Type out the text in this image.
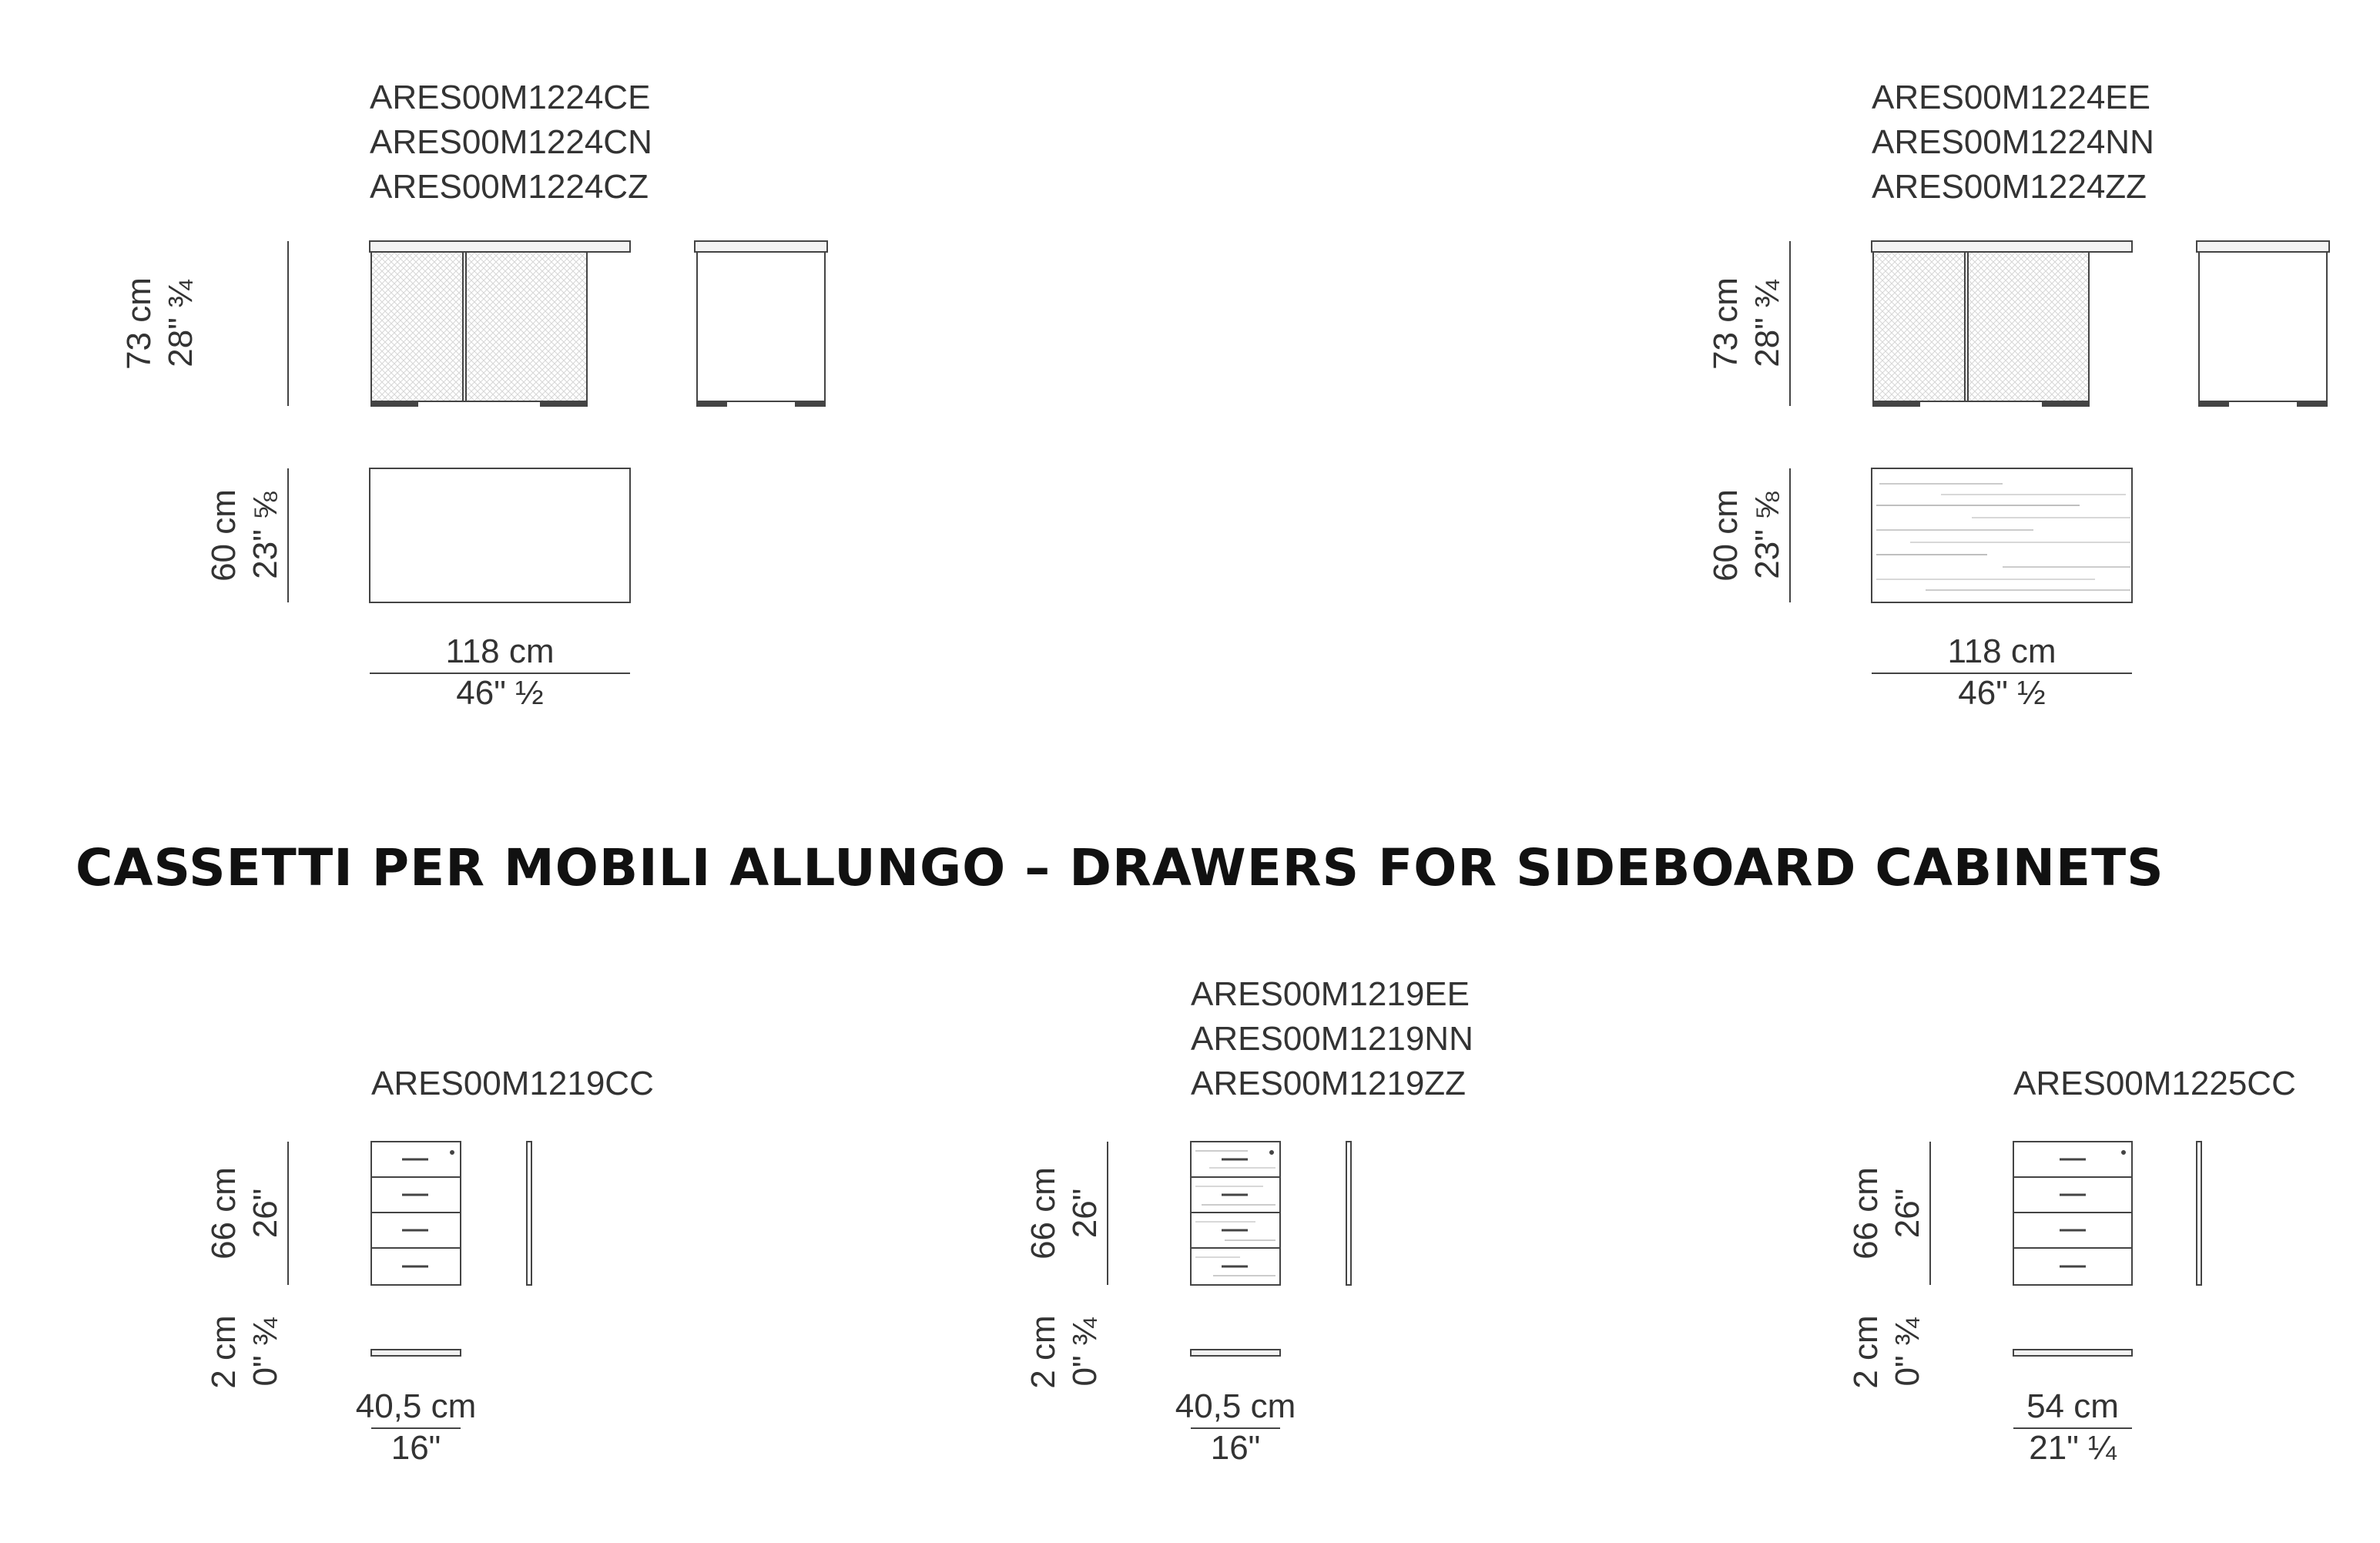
ARES00M1224CE
ARES00M1224CN
ARES00M1224CZ
73 cm 28" ¾
60 cm 23" ⅝
118 cm
46" ½
ARES00M1224EE
ARES00M1224NN
ARES00M1224ZZ
73 cm 28" ¾
60 cm 23" ⅝
118 cm
46" ½
CASSETTI PER MOBILI ALLUNGO – DRAWERS FOR SIDEBOARD CABINETS
ARES00M1219CC
66 cm 26"
2 cm 0" ¾
40,5 cm
16"
ARES00M1219EE
ARES00M1219NN
ARES00M1219ZZ
66 cm 26"
2 cm 0" ¾
40,5 cm
16"
ARES00M1225CC
66 cm 26"
2 cm 0" ¾
54 cm
21" ¼
